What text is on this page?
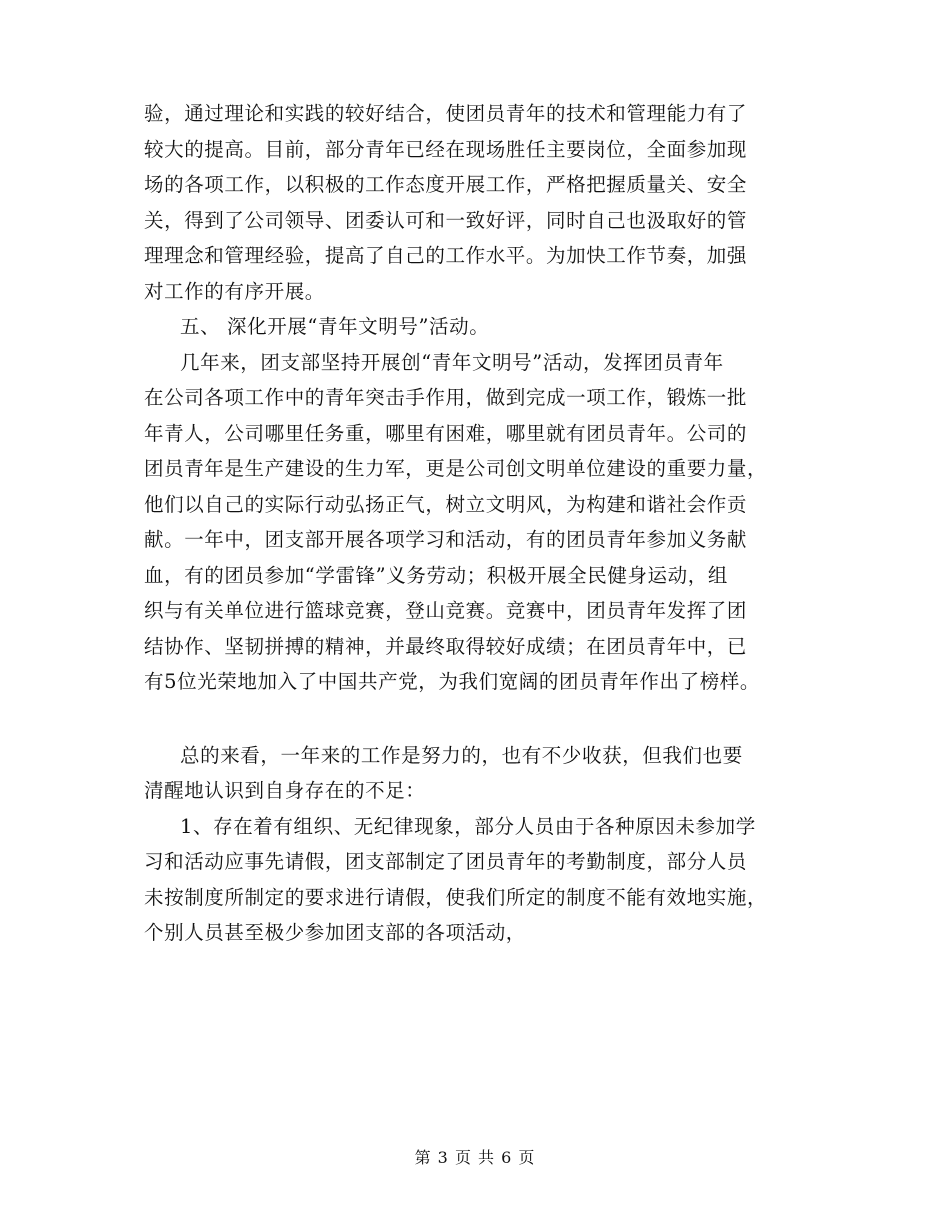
验，通过理论和实践的较好结合，使团员青年的技术和管理能力有了
较大的提高。目前，部分青年已经在现场胜任主要岗位，全面参加现
场的各项工作，以积极的工作态度开展工作，严格把握质量关、安全
关，得到了公司领导、团委认可和一致好评，同时自己也汲取好的管
理理念和管理经验，提高了自己的工作水平。为加快工作节奏，加强
对工作的有序开展。
五、 深化开展“青年文明号”活动。
几年来，团支部坚持开展创“青年文明号”活动，发挥团员青年
在公司各项工作中的青年突击手作用，做到完成一项工作，锻炼一批
年青人，公司哪里任务重，哪里有困难，哪里就有团员青年。公司的
团员青年是生产建设的生力军，更是公司创文明单位建设的重要力量，
他们以自己的实际行动弘扬正气，树立文明风，为构建和谐社会作贡
献。一年中，团支部开展各项学习和活动，有的团员青年参加义务献
血，有的团员参加“学雷锋”义务劳动；积极开展全民健身运动，组
织与有关单位进行篮球竞赛，登山竞赛。竞赛中，团员青年发挥了团
结协作、坚韧拼搏的精神，并最终取得较好成绩；在团员青年中，已
有5位光荣地加入了中国共产党，为我们宽阔的团员青年作出了榜样。
总的来看，一年来的工作是努力的，也有不少收获，但我们也要
清醒地认识到自身存在的不足：
1、存在着有组织、无纪律现象，部分人员由于各种原因未参加学
习和活动应事先请假，团支部制定了团员青年的考勤制度，部分人员
未按制度所制定的要求进行请假，使我们所定的制度不能有效地实施，
个别人员甚至极少参加团支部的各项活动，
第 3 页 共 6 页
